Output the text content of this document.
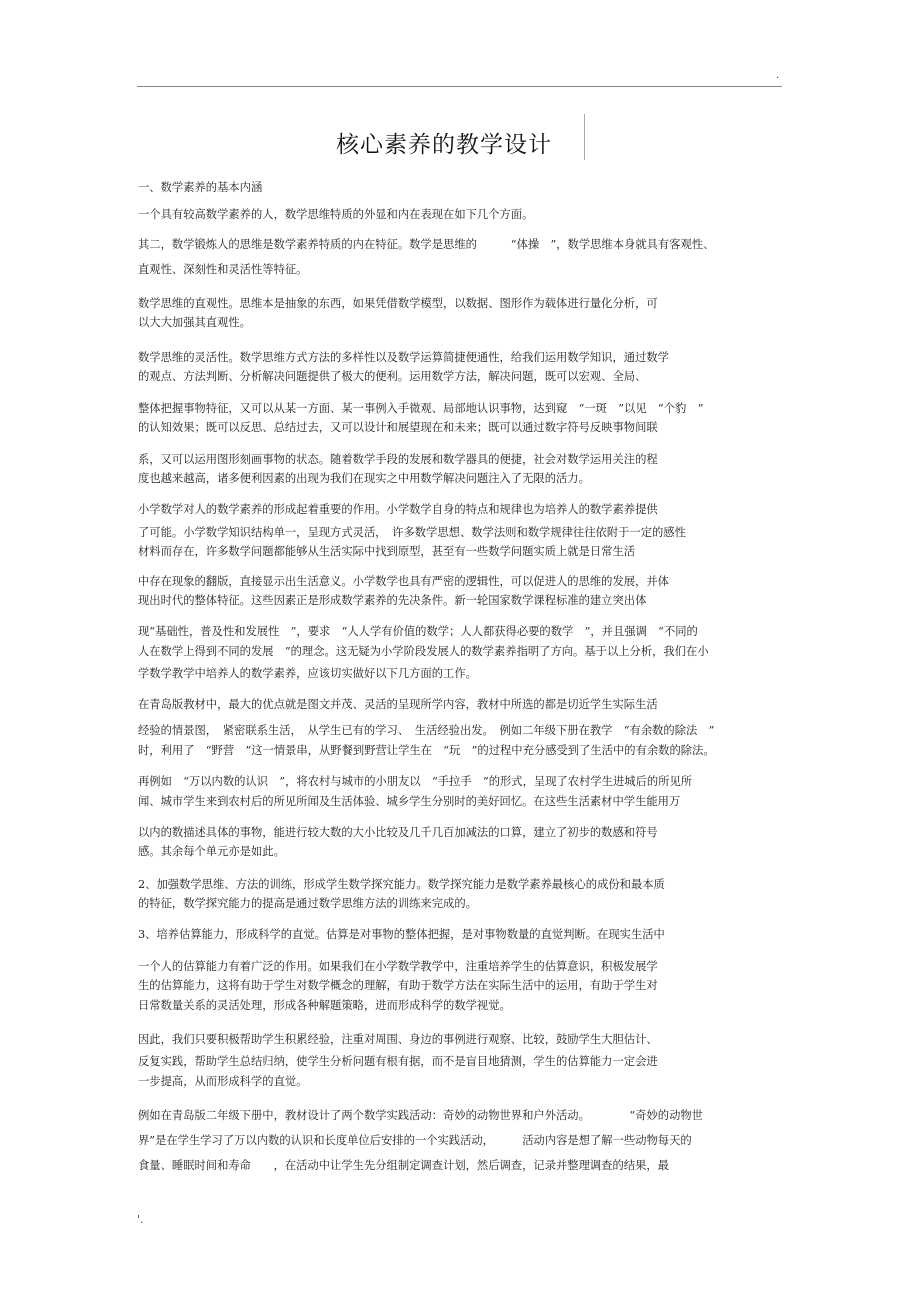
.
核心素养的教学设计
一、数学素养的基本内涵
一个具有较高数学素养的人，数学思维特质的外显和内在表现在如下几个方面。
其二，数学锻炼人的思维是数学素养特质的内在特征。数学是思维的　　　“体操　”，数学思维本身就具有客观性、
直观性、深刻性和灵活性等特征。
数学思维的直观性。思维本是抽象的东西，如果凭借数学模型，以数据、图形作为载体进行量化分析，可
以大大加强其直观性。
数学思维的灵活性。数学思维方式方法的多样性以及数学运算简捷便通性，给我们运用数学知识，通过数学
的观点、方法判断、分析解决问题提供了极大的便利。运用数学方法，解决问题，既可以宏观、全局、
整体把握事物特征，又可以从某一方面、某一事例入手微观、局部地认识事物，达到窥　“一斑　”以见　“个豹　”
的认知效果；既可以反思、总结过去，又可以设计和展望现在和未来；既可以通过数字符号反映事物间联
系，又可以运用图形刻画事物的状态。随着数学手段的发展和数学器具的便捷，社会对数学运用关注的程
度也越来越高，诸多便利因素的出现为我们在现实之中用数学解决问题注入了无限的活力。
小学数学对人的数学素养的形成起着重要的作用。小学数学自身的特点和规律也为培养人的数学素养提供
了可能。小学数学知识结构单一，呈现方式灵活，　许多数学思想、数学法则和数学规律往往依附于一定的感性
材料而存在，许多数学问题都能够从生活实际中找到原型，甚至有一些数学问题实质上就是日常生活
中存在现象的翻版，直接显示出生活意义。小学数学也具有严密的逻辑性，可以促进人的思维的发展，并体
现出时代的整体特征。这些因素正是形成数学素养的先决条件。新一轮国家数学课程标准的建立突出体
现“基础性，普及性和发展性　”，要求　“人人学有价值的数学；人人都获得必要的数学　”，并且强调　“不同的
人在数学上得到不同的发展　”的理念。这无疑为小学阶段发展人的数学素养指明了方向。基于以上分析，我们在小
学数学教学中培养人的数学素养，应该切实做好以下几方面的工作。
在青岛版教材中，最大的优点就是图文并茂、灵活的呈现所学内容，教材中所选的都是切近学生实际生活
经验的情景图，　紧密联系生活，　从学生已有的学习、　生活经验出发。　例如二年级下册在教学　“有余数的除法　”
时，利用了　“野营　”这一情景串，从野餐到野营让学生在　“玩　”的过程中充分感受到了生活中的有余数的除法。
再例如　“万以内数的认识　”，将农村与城市的小朋友以　“手拉手　”的形式，呈现了农村学生进城后的所见所
闻、城市学生来到农村后的所见所闻及生活体验、城乡学生分别时的美好回忆。在这些生活素材中学生能用万
以内的数描述具体的事物，能进行较大数的大小比较及几千几百加减法的口算，建立了初步的数感和符号
感。其余每个单元亦是如此。
2、加强数学思维、方法的训练，形成学生数学探究能力。数学探究能力是数学素养最核心的成份和最本质
的特征，数学探究能力的提高是通过数学思维方法的训练来完成的。
3、培养估算能力，形成科学的直觉。估算是对事物的整体把握，是对事物数量的直觉判断。在现实生活中
一个人的估算能力有着广泛的作用。如果我们在小学数学教学中，注重培养学生的估算意识，积极发展学
生的估算能力，这将有助于学生对数学概念的理解，有助于数学方法在实际生活中的运用，有助于学生对
日常数量关系的灵活处理，形成各种解题策略，进而形成科学的数学视觉。
因此，我们只要积极帮助学生积累经验，注重对周围、身边的事例进行观察、比较，鼓励学生大胆估计、
反复实践，帮助学生总结归纳，使学生分析问题有根有据，而不是盲目地猜测，学生的估算能力一定会进
一步提高，从而形成科学的直觉。
例如在青岛版二年级下册中，教材设计了两个数学实践活动：奇妙的动物世界和户外活动。　　　　“奇妙的动物世
界”是在学生学习了万以内数的认识和长度单位后安排的一个实践活动，　　　活动内容是想了解一些动物每天的
食量、睡眠时间和寿命　　，在活动中让学生先分组制定调查计划，然后调查，记录并整理调查的结果，最
'.
